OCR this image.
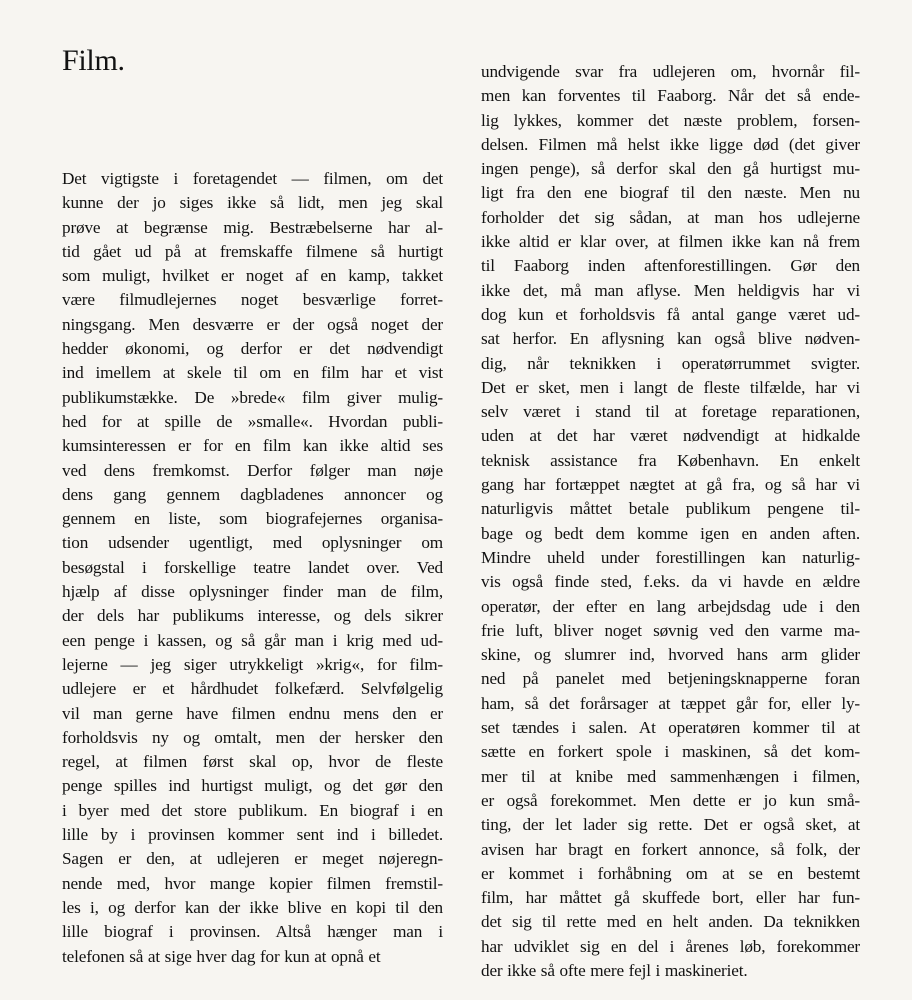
Film.
Det vigtigste i foretagendet — filmen, om det
kunne der jo siges ikke så lidt, men jeg skal
prøve at begrænse mig. Bestræbelserne har al-
tid gået ud på at fremskaffe filmene så hurtigt
som muligt, hvilket er noget af en kamp, takket
være filmudlejernes noget besværlige forret-
ningsgang. Men desværre er der også noget der
hedder økonomi, og derfor er det nødvendigt
ind imellem at skele til om en film har et vist
publikumstække. De »brede« film giver mulig-
hed for at spille de »smalle«. Hvordan publi-
kumsinteressen er for en film kan ikke altid ses
ved dens fremkomst. Derfor følger man nøje
dens gang gennem dagbladenes annoncer og
gennem en liste, som biografejernes organisa-
tion udsender ugentligt, med oplysninger om
besøgstal i forskellige teatre landet over. Ved
hjælp af disse oplysninger finder man de film,
der dels har publikums interesse, og dels sikrer
een penge i kassen, og så går man i krig med ud-
lejerne — jeg siger utrykkeligt »krig«, for film-
udlejere er et hårdhudet folkefærd. Selvfølgelig
vil man gerne have filmen endnu mens den er
forholdsvis ny og omtalt, men der hersker den
regel, at filmen først skal op, hvor de fleste
penge spilles ind hurtigst muligt, og det gør den
i byer med det store publikum. En biograf i en
lille by i provinsen kommer sent ind i billedet.
Sagen er den, at udlejeren er meget nøjeregn-
nende med, hvor mange kopier filmen fremstil-
les i, og derfor kan der ikke blive en kopi til den
lille biograf i provinsen. Altså hænger man i
telefonen så at sige hver dag for kun at opnå et
undvigende svar fra udlejeren om, hvornår fil-
men kan forventes til Faaborg. Når det så ende-
lig lykkes, kommer det næste problem, forsen-
delsen. Filmen må helst ikke ligge død (det giver
ingen penge), så derfor skal den gå hurtigst mu-
ligt fra den ene biograf til den næste. Men nu
forholder det sig sådan, at man hos udlejerne
ikke altid er klar over, at filmen ikke kan nå frem
til Faaborg inden aftenforestillingen. Gør den
ikke det, må man aflyse. Men heldigvis har vi
dog kun et forholdsvis få antal gange været ud-
sat herfor. En aflysning kan også blive nødven-
dig, når teknikken i operatørrummet svigter.
Det er sket, men i langt de fleste tilfælde, har vi
selv været i stand til at foretage reparationen,
uden at det har været nødvendigt at hidkalde
teknisk assistance fra København. En enkelt
gang har fortæppet nægtet at gå fra, og så har vi
naturligvis måttet betale publikum pengene til-
bage og bedt dem komme igen en anden aften.
Mindre uheld under forestillingen kan naturlig-
vis også finde sted, f.eks. da vi havde en ældre
operatør, der efter en lang arbejdsdag ude i den
frie luft, bliver noget søvnig ved den varme ma-
skine, og slumrer ind, hvorved hans arm glider
ned på panelet med betjeningsknapperne foran
ham, så det forårsager at tæppet går for, eller ly-
set tændes i salen. At operatøren kommer til at
sætte en forkert spole i maskinen, så det kom-
mer til at knibe med sammenhængen i filmen,
er også forekommet. Men dette er jo kun små-
ting, der let lader sig rette. Det er også sket, at
avisen har bragt en forkert annonce, så folk, der
er kommet i forhåbning om at se en bestemt
film, har måttet gå skuffede bort, eller har fun-
det sig til rette med en helt anden. Da teknikken
har udviklet sig en del i årenes løb, forekommer
der ikke så ofte mere fejl i maskineriet.
